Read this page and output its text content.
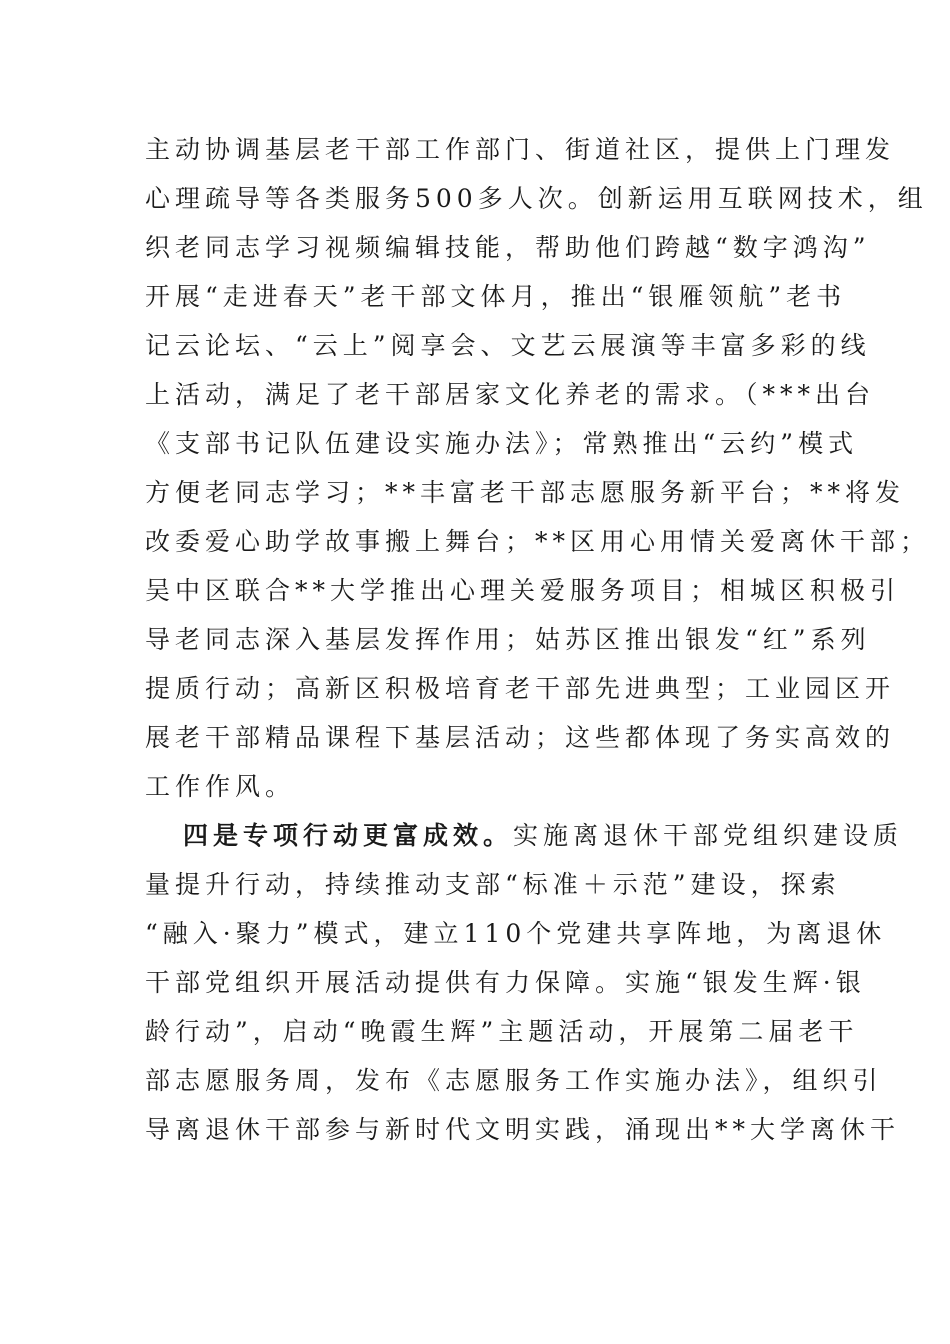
主动协调基层老干部工作部门、街道社区，提供上门理发
心理疏导等各类服务500多人次。创新运用互联网技术，组
织老同志学习视频编辑技能，帮助他们跨越“数字鸿沟”
开展“走进春天”老干部文体月，推出“银雁领航”老书
记云论坛、“云上”阅享会、文艺云展演等丰富多彩的线
上活动，满足了老干部居家文化养老的需求。（***出台
《支部书记队伍建设实施办法》；常熟推出“云约”模式
方便老同志学习；**丰富老干部志愿服务新平台；**将发
改委爱心助学故事搬上舞台；**区用心用情关爱离休干部；
吴中区联合**大学推出心理关爱服务项目；相城区积极引
导老同志深入基层发挥作用；姑苏区推出银发“红”系列
提质行动；高新区积极培育老干部先进典型；工业园区开
展老干部精品课程下基层活动；这些都体现了务实高效的
工作作风。
四是专项行动更富成效。实施离退休干部党组织建设质
量提升行动，持续推动支部“标准＋示范”建设，探索
“融入·聚力”模式，建立110个党建共享阵地，为离退休
干部党组织开展活动提供有力保障。实施“银发生辉·银
龄行动”，启动“晚霞生辉”主题活动，开展第二届老干
部志愿服务周，发布《志愿服务工作实施办法》，组织引
导离退休干部参与新时代文明实践，涌现出**大学离休干
